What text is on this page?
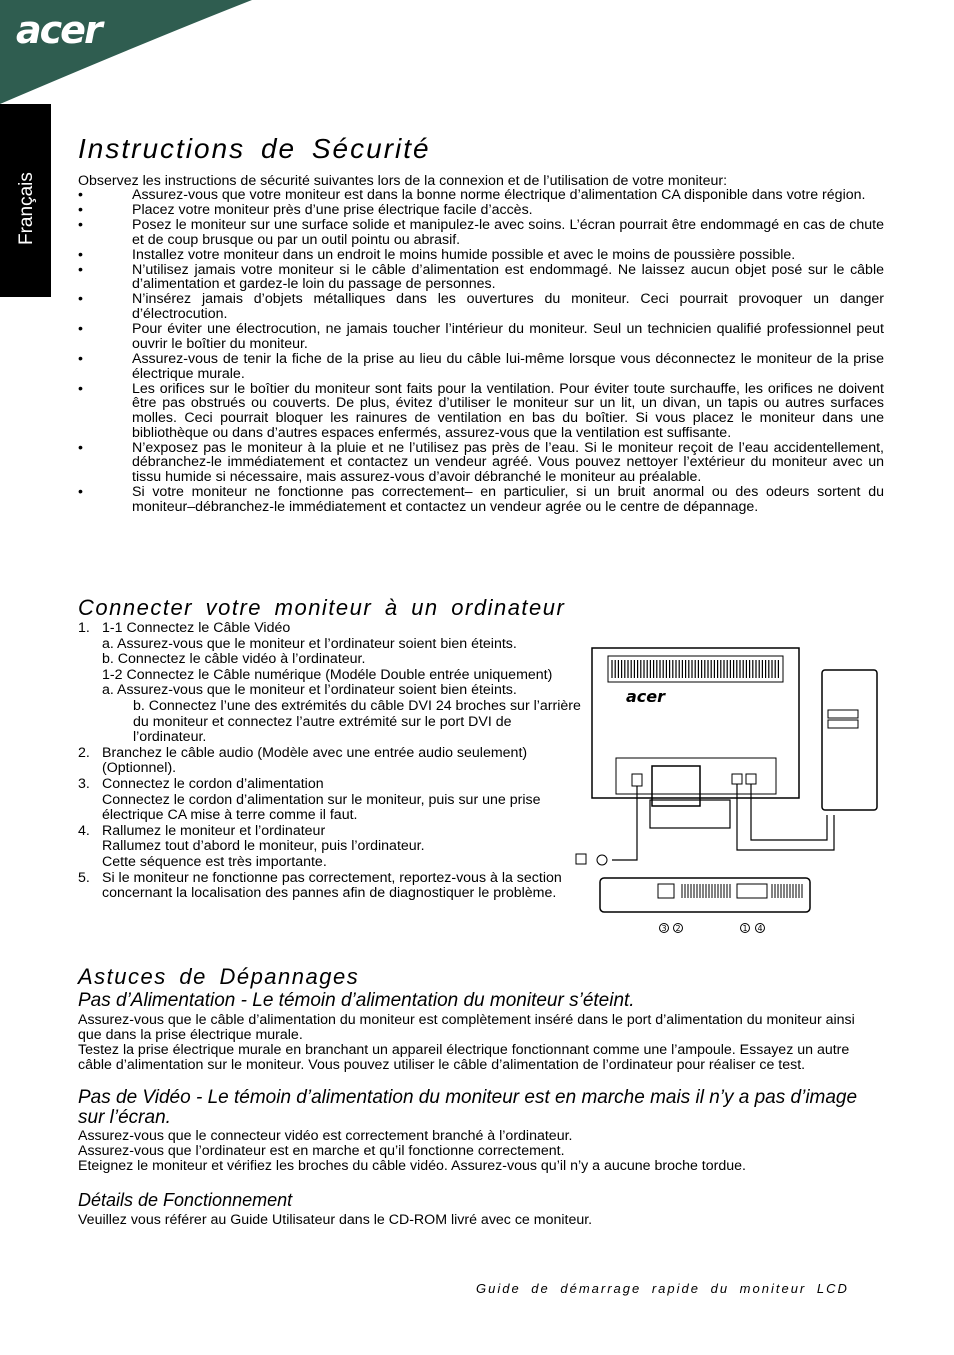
acer
Français
Instructions de Sécurité
Observez les instructions de sécurité suivantes lors de la connexion et de l’utilisation de votre moniteur:
•	Assurez-vous que votre moniteur est dans la bonne norme électrique d’alimentation CA disponible dans votre région.
•	Placez votre moniteur près d’une prise électrique facile d’accès.
•	Posez le moniteur sur une surface solide et manipulez-le avec soins. L’écran pourrait être endommagé en cas de chute et de coup brusque ou par un outil pointu ou abrasif.
•	Installez votre moniteur dans un endroit le moins humide possible et avec le moins de poussière possible.
•	N’utilisez jamais votre moniteur si le câble d’alimentation est endommagé. Ne laissez aucun objet posé sur le câble d’alimentation et gardez-le loin du passage de personnes.
•	N’insérez jamais d’objets métalliques dans les ouvertures du moniteur. Ceci pourrait provoquer un danger d’électrocution.
•	Pour éviter une électrocution, ne jamais toucher l’intérieur du moniteur. Seul un technicien qualifié professionnel peut ouvrir le boîtier du moniteur.
•	Assurez-vous de tenir la fiche de la prise au lieu du câble lui-même lorsque vous déconnectez le moniteur de la prise électrique murale.
•	Les orifices sur le boîtier du moniteur sont faits pour la ventilation. Pour éviter toute surchauffe, les orifices ne doivent être pas obstrués ou couverts. De plus, évitez d’utiliser le moniteur sur un lit, un divan, un tapis ou autres surfaces molles. Ceci pourrait bloquer les rainures de ventilation en bas du boîtier. Si vous placez le moniteur dans une bibliothèque ou dans d’autres espaces enfermés, assurez-vous que la ventilation est suffisante.
•	N’exposez pas le moniteur à la pluie et ne l’utilisez pas près de l’eau. Si le moniteur reçoit de l’eau accidentellement, débranchez-le immédiatement et contactez un vendeur agréé. Vous pouvez nettoyer l’extérieur du moniteur avec un tissu humide si nécessaire, mais assurez-vous d’avoir débranché le moniteur au préalable.
•	Si votre moniteur ne fonctionne pas correctement– en particulier, si un bruit anormal ou des odeurs sortent du moniteur–débranchez-le immédiatement et contactez un vendeur agrée ou le centre de dépannage.
Connecter votre moniteur à un ordinateur
1. 1-1 Connectez le Câble Vidéo
a. Assurez-vous que le moniteur et l’ordinateur soient bien éteints.
b. Connectez le câble vidéo à l’ordinateur.
1-2 Connectez le Câble numérique (Modéle Double entrée uniquement)
a. Assurez-vous que le moniteur et l’ordinateur soient bien éteints.
b. Connectez l’une des extrémités du câble DVI 24 broches sur l’arrière du moniteur et connectez l’autre extrémité sur le port DVI de l’ordinateur.
2. Branchez le câble audio (Modèle avec une entrée audio seulement) (Optionnel).
3. Connectez le cordon d’alimentation
Connectez le cordon d’alimentation sur le moniteur, puis sur une prise électrique CA mise à terre comme il faut.
4. Rallumez le moniteur et l’ordinateur
Rallumez tout d’abord le moniteur, puis l’ordinateur.
Cette séquence est très importante.
5. Si le moniteur ne fonctionne pas correctement, reportez-vous à la section concernant la localisation des pannes afin de diagnostiquer le problème.
acer
3 2	1 4
Astuces de Dépannages
Pas d’Alimentation - Le témoin d’alimentation du moniteur s’éteint.
Assurez-vous que le câble d’alimentation du moniteur est complètement inséré dans le port d’alimentation du moniteur ainsi que dans la prise électrique murale.
Testez la prise électrique murale en branchant un appareil électrique fonctionnant comme une l’ampoule. Essayez un autre câble d’alimentation sur le moniteur. Vous pouvez utiliser le câble d’alimentation de l’ordinateur pour réaliser ce test.
Pas de Vidéo - Le témoin d’alimentation du moniteur est en marche mais il n’y a pas d’image sur l’écran.
Assurez-vous que le connecteur vidéo est correctement branché à l’ordinateur.
Assurez-vous que l’ordinateur est en marche et qu’il fonctionne correctement.
Eteignez le moniteur et vérifiez les broches du câble vidéo. Assurez-vous qu’il n’y a aucune broche tordue.
Détails de Fonctionnement
Veuillez vous référer au Guide Utilisateur dans le CD-ROM livré avec ce moniteur.
Guide de démarrage rapide du moniteur LCD
